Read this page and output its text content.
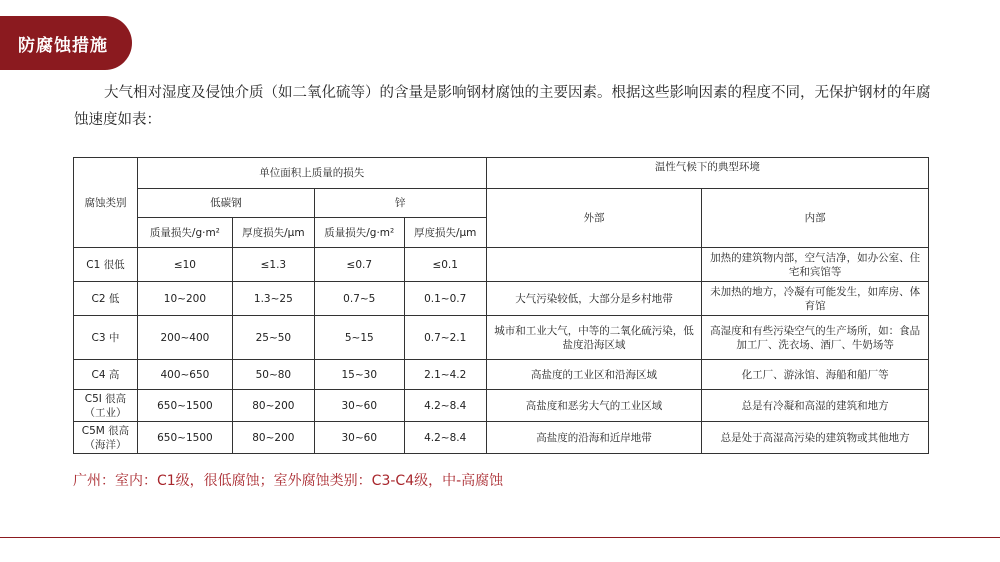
防腐蚀措施

大气相对湿度及侵蚀介质（如二氧化硫等）的含量是影响钢材腐蚀的主要因素。根据这些影响因素的程度不同，无保护钢材的年腐蚀速度如表：

腐蚀类别	单位面积上质量的损失				温性气候下的典型环境	
	低碳钢		锌		外部	内部
	质量损失/g·m²	厚度损失/μm	质量损失/g·m²	厚度损失/μm		
C1 很低	≤10	≤1.3	≤0.7	≤0.1		加热的建筑物内部，空气洁净，如办公室、住宅和宾馆等
C2 低	10~200	1.3~25	0.7~5	0.1~0.7	大气污染较低，大部分是乡村地带	未加热的地方，冷凝有可能发生，如库房、体育馆
C3 中	200~400	25~50	5~15	0.7~2.1	城市和工业大气，中等的二氧化硫污染，低盐度沿海区域	高湿度和有些污染空气的生产场所，如：食品加工厂、洗衣场、酒厂、牛奶场等
C4 高	400~650	50~80	15~30	2.1~4.2	高盐度的工业区和沿海区域	化工厂、游泳馆、海船和船厂等
C5I 很高（工业）	650~1500	80~200	30~60	4.2~8.4	高盐度和恶劣大气的工业区域	总是有冷凝和高湿的建筑和地方
C5M 很高（海洋）	650~1500	80~200	30~60	4.2~8.4	高盐度的沿海和近岸地带	总是处于高湿高污染的建筑物或其他地方
广州：室内：C1级，很低腐蚀；室外腐蚀类别：C3-C4级，中-高腐蚀
